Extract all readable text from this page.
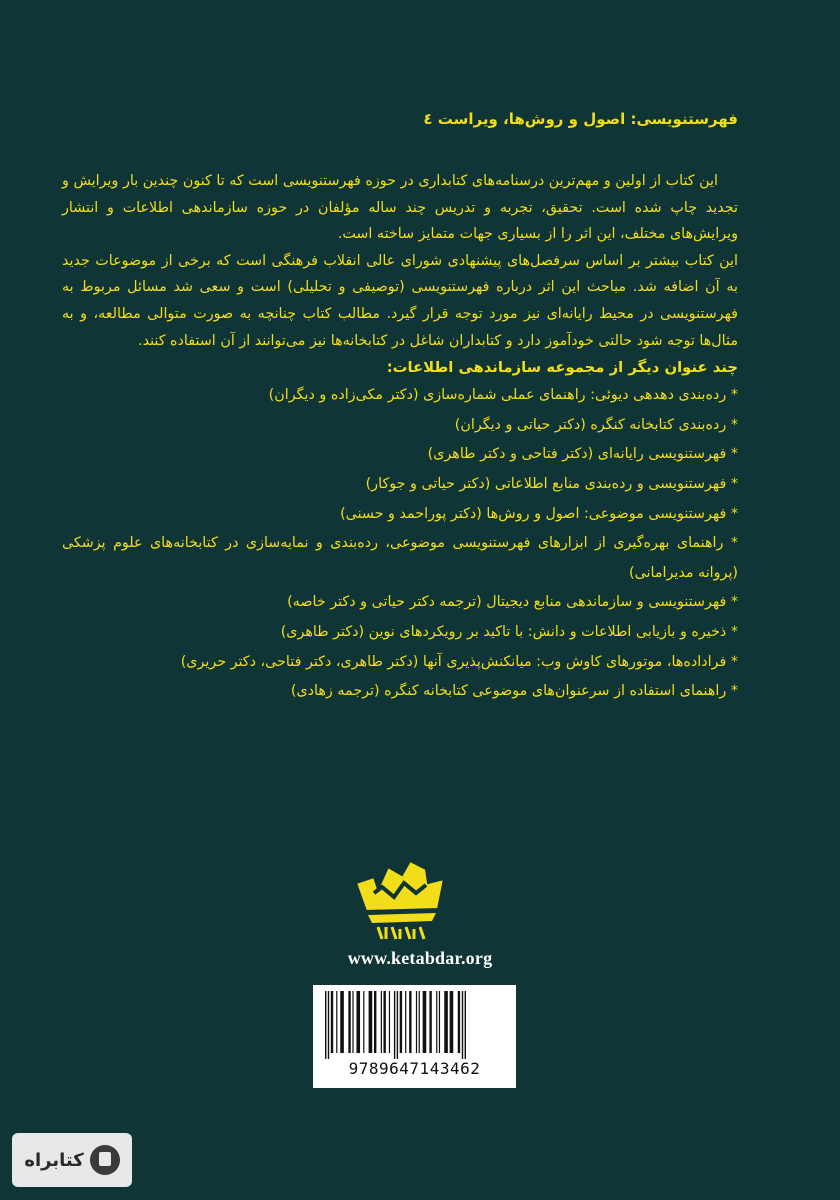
فهرستنویسی: اصول و روش‌ها، ویراست ٤

این کتاب از اولین و مهم‌ترین درسنامه‌های کتابداری در حوزه فهرستنویسی است که تا کنون چندین بار ویرایش و تجدید چاپ شده است. تحقیق، تجربه و تدریس چند ساله مؤلفان در حوزه سازماندهی اطلاعات و انتشار ویرایش‌های مختلف، این اثر را از بسیاری جهات متمایز ساخته است.

این کتاب بیشتر بر اساس سرفصل‌های پیشنهادی شورای عالی انقلاب فرهنگی است که برخی از موضوعات جدید به آن اضافه شد. مباحث این اثر درباره فهرستنویسی (توصیفی و تحلیلی) است و سعی شد مسائل مربوط به فهرستنویسی در محیط رایانه‌ای نیز مورد توجه قرار گیرد. مطالب کتاب چنانچه به صورت متوالی مطالعه، و به مثال‌ها توجه شود حالتی خودآموز دارد و کتابداران شاغل در کتابخانه‌ها نیز می‌توانند از آن استفاده کنند.

چند عنوان دیگر از مجموعه سازماندهی اطلاعات:

* رده‌بندی دهدهی دیوئی: راهنمای عملی شماره‌سازی (دکتر مکی‌زاده و دیگران)
* رده‌بندی کتابخانه کنگره (دکتر حیاتی و دیگران)
* فهرستنویسی رایانه‌ای (دکتر فتاحی و دکتر طاهری)
* فهرستنویسی و رده‌بندی منابع اطلاعاتی (دکتر حیاتی و جوکار)
* فهرستنویسی موضوعی: اصول و روش‌ها (دکتر پوراحمد و حسنی)
* راهنمای بهره‌گیری از ابزارهای فهرستنویسی موضوعی، رده‌بندی و نمایه‌سازی در کتابخانه‌های علوم پزشکی (پروانه مدیرامانی)
* فهرستنویسی و سازماندهی منابع دیجیتال (ترجمه دکتر حیاتی و دکتر خاصه)
* ذخیره و بازیابی اطلاعات و دانش: با تاکید بر رویکردهای نوین (دکتر طاهری)
* فراداده‌ها، موتورهای کاوش وب: میانکنش‌پذیری آنها (دکتر طاهری، دکتر فتاحی، دکتر حریری)
* راهنمای استفاده از سرعنوان‌های موضوعی کتابخانه کنگره (ترجمه زهادی)
www.ketabdar.org
9789647143462
کتابراه
